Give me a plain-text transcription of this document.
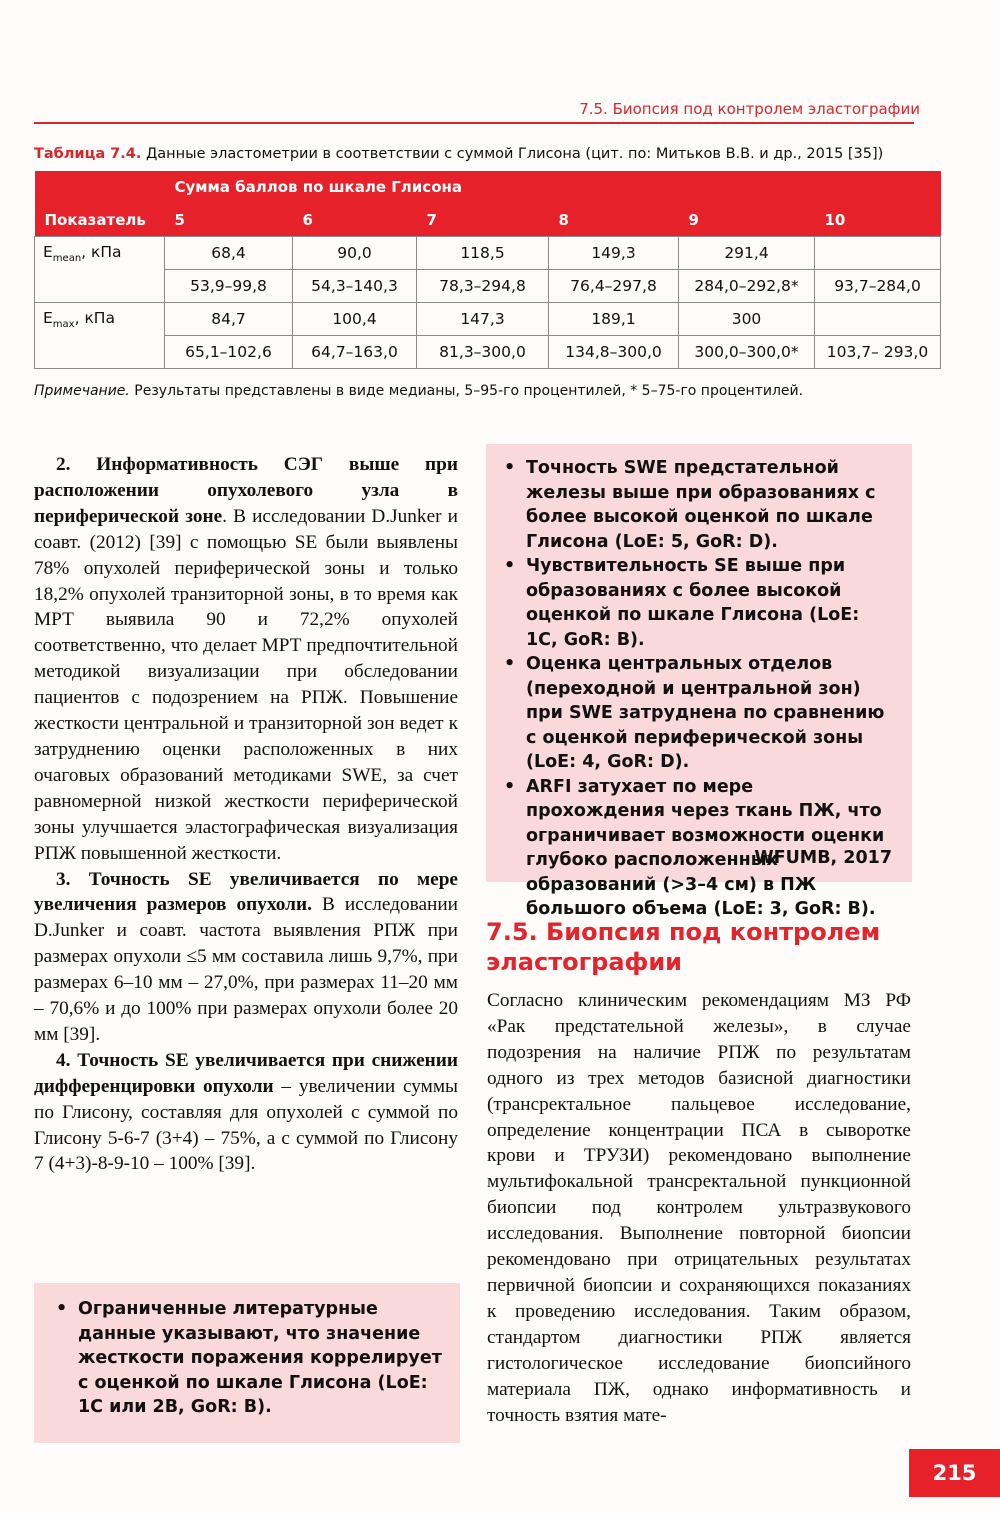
7.5. Биопсия под контролем эластографии
Таблица 7.4. Данные эластометрии в соответствии с суммой Глисона (цит. по: Митьков В.В. и др., 2015 [35])
	Сумма баллов по шкале Глисона					
Показатель	5	6	7	8	9	10
$E_{mean}$, кПа	68,4	90,0	118,5	149,3	291,4	
	53,9–99,8	54,3–140,3	78,3–294,8	76,4–297,8	284,0–292,8*	93,7–284,0
$E_{max}$, кПа	84,7	100,4	147,3	189,1	300	
	65,1–102,6	64,7–163,0	81,3–300,0	134,8–300,0	300,0–300,0*	103,7– 293,0
Примечание. Результаты представлены в виде медианы, 5–95-го процентилей, * 5–75-го процентилей.

2. Информативность СЭГ выше при расположении опухолевого узла в периферической зоне. В исследовании D.Junker и соавт. (2012) [39] с помощью SE были выявлены 78% опухолей периферической зоны и только 18,2% опухолей транзиторной зоны, в то время как МРТ выявила 90 и 72,2% опухолей соответственно, что делает МРТ предпочтительной методикой визуализации при обследовании пациентов с подозрением на РПЖ. Повышение жесткости центральной и транзиторной зон ведет к затруднению оценки расположенных в них очаговых образований методиками SWE, за счет равномерной низкой жесткости периферической зоны улучшается эластографическая визуализация РПЖ повышенной жесткости.

3. Точность SE увеличивается по мере увеличения размеров опухоли. В исследовании D.Junker и соавт. частота выявления РПЖ при размерах опухоли ≤5 мм составила лишь 9,7%, при размерах 6–10 мм – 27,0%, при размерах 11–20 мм – 70,6% и до 100% при размерах опухоли более 20 мм [39].

4. Точность SE увеличивается при снижении дифференцировки опухоли – увеличении суммы по Глисону, составляя для опухолей с суммой по Глисону 5-6-7 (3+4) – 75%, а с суммой по Глисону 7 (4+3)-8-9-10 – 100% [39].

• Ограниченные литературные данные указывают, что значение жесткости поражения коррелирует с оценкой по шкале Глисона (LoE: 1С или 2В, GoR: В).
• Точность SWE предстательной железы выше при образованиях с более высокой оценкой по шкале Глисона (LoE: 5, GoR: D).
• Чувствительность SE выше при образованиях с более высокой оценкой по шкале Глисона (LoE: 1C, GoR: B).
• Оценка центральных отделов (переходной и центральной зон) при SWE затруднена по сравнению с оценкой периферической зоны (LoE: 4, GoR: D).
• ARFI затухает по мере прохождения через ткань ПЖ, что ограничивает возможности оценки глубоко расположенных образований (>3–4 см) в ПЖ большого объема (LoE: 3, GoR: B).
WFUMB, 2017
7.5. Биопсия под контролем эластографии

Согласно клиническим рекомендациям МЗ РФ «Рак предстательной железы», в случае подозрения на наличие РПЖ по результатам одного из трех методов базисной диагностики (трансректальное пальцевое исследование, определение концентрации ПСА в сыворотке крови и ТРУЗИ) рекомендовано выполнение мультифокальной трансректальной пункционной биопсии под контролем ультразвукового исследования. Выполнение повторной биопсии рекомендовано при отрицательных результатах первичной биопсии и сохраняющихся показаниях к проведению исследования. Таким образом, стандартом диагностики РПЖ является гистологическое исследование биопсийного материала ПЖ, однако информативность и точность взятия мате-

215
